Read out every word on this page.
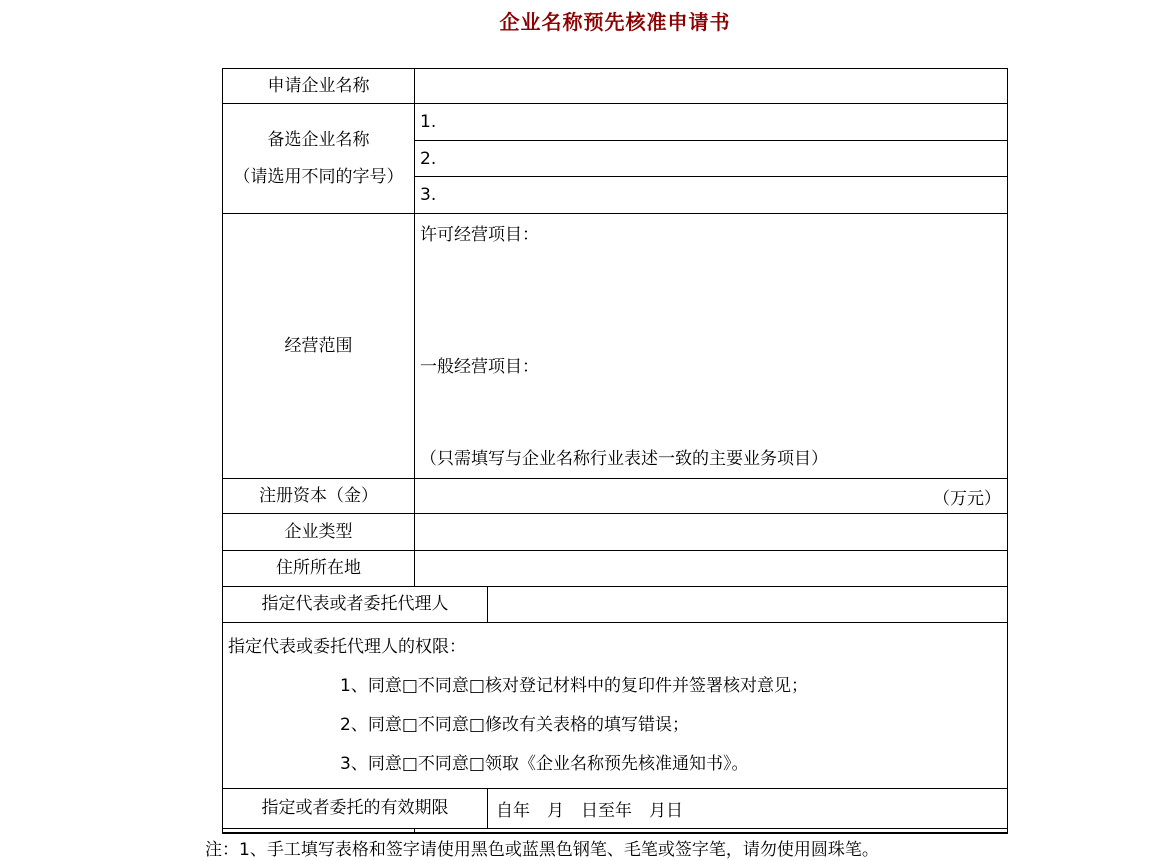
企业名称预先核准申请书
申请企业名称
备选企业名称
（请选用不同的字号）
1.
2.
3.
经营范围
许可经营项目：
一般经营项目：
（只需填写与企业名称行业表述一致的主要业务项目）
注册资本（金）	（万元）
企业类型
住所所在地
指定代表或者委托代理人
指定代表或委托代理人的权限：
1、同意□不同意□核对登记材料中的复印件并签署核对意见；
2、同意□不同意□修改有关表格的填写错误；
3、同意□不同意□领取《企业名称预先核准通知书》。
指定或者委托的有效期限	自年　月　日至年　月日
注：1、手工填写表格和签字请使用黑色或蓝黑色钢笔、毛笔或签字笔，请勿使用圆珠笔。
